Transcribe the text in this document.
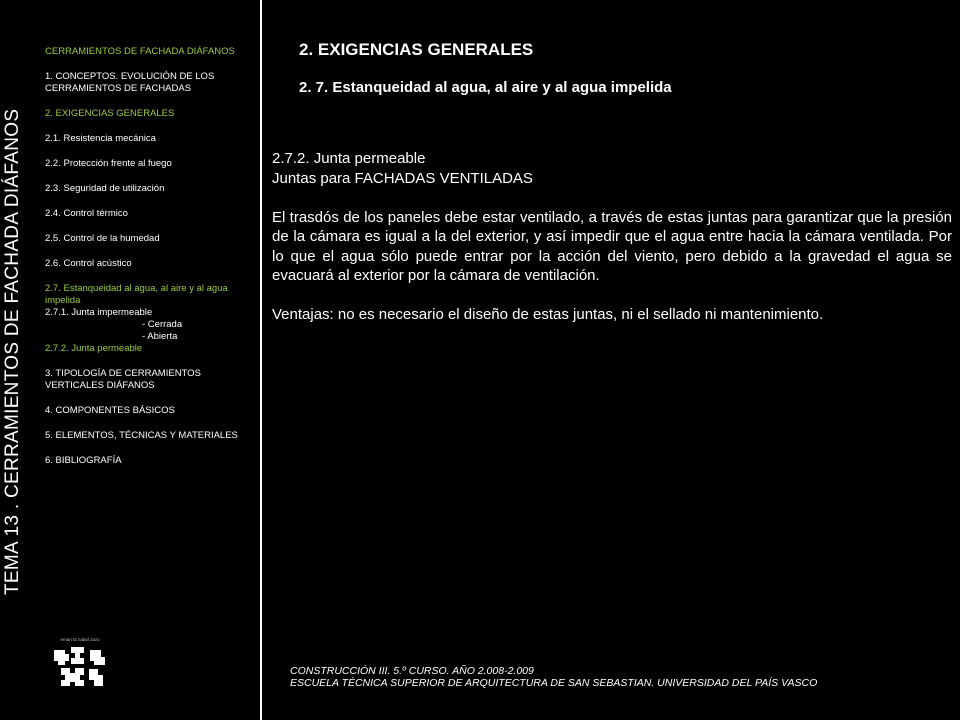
TEMA 13 . CERRAMIENTOS DE FACHADA DIÁFANOS

CERRAMIENTOS DE FACHADA DIÁFANOS

1. CONCEPTOS. EVOLUCIÓN DE LOS CERRAMIENTOS DE FACHADAS

2. EXIGENCIAS GENERALES

2.1. Resistencia mecánica

2.2. Protección frente al fuego

2.3. Seguridad de utilización

2.4. Control térmico

2.5. Control de la humedad

2.6. Control acústico

2.7. Estanqueidad al agua, al aire y al agua impelida

2.7.1. Junta impermeable

- Cerrada

- Abierta

2.7.2. Junta permeable

3. TIPOLOGÍA DE CERRAMIENTOS VERTICALES DIÁFANOS

4. COMPONENTES BÁSICOS

5. ELEMENTOS, TÉCNICAS Y MATERIALES

6. BIBLIOGRAFÍA

2. EXIGENCIAS GENERALES
2. 7. Estanqueidad al agua, al aire y al agua impelida

2.7.2. Junta permeable

Juntas para FACHADAS VENTILADAS

El trasdós de los paneles debe estar ventilado, a través de estas juntas para garantizar que la presión de la cámara es igual a la del exterior, y así impedir que el agua entre hacia la cámara ventilada. Por lo que el agua sólo puede entrar por la acción del viento, pero debido a la gravedad el agua se evacuará al exterior por la cámara de ventilación.

Ventajas: no es necesario el diseño de estas juntas, ni el sellado ni mantenimiento.

eman ta zabal zazu

CONSTRUCCIÓN III. 5.º CURSO. AÑO 2.008-2.009

ESCUELA TÉCNICA SUPERIOR DE ARQUITECTURA DE SAN SEBASTIAN. UNIVERSIDAD DEL PAÍS VASCO
